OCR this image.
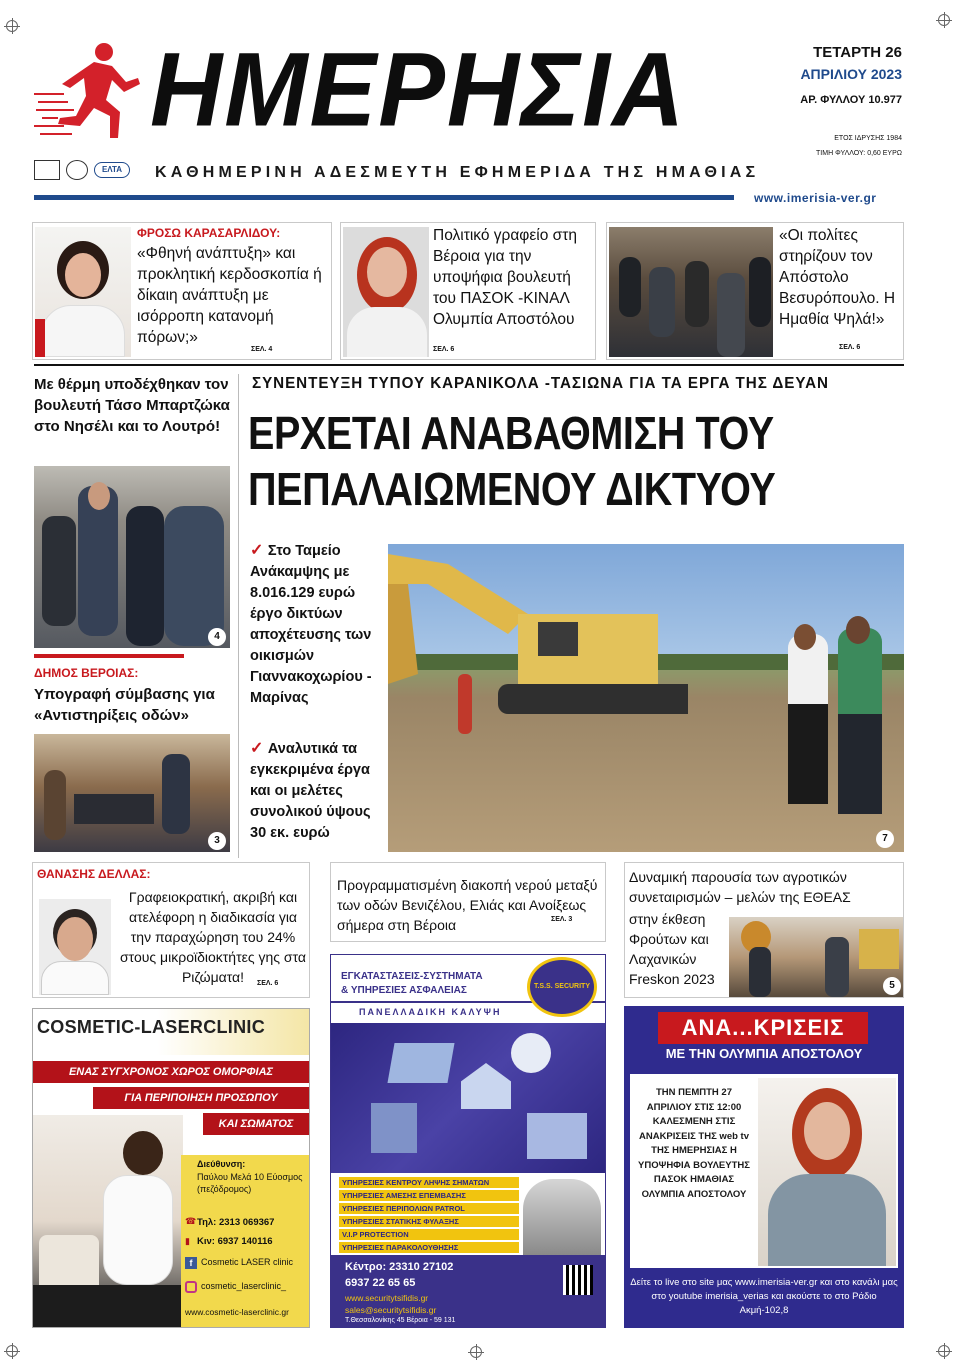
ΗΜΕΡΗΣΙΑ
ΕΛΤΑ	ΚΑΘΗΜΕΡΙΝΗ ΑΔΕΣΜΕΥΤΗ ΕΦΗΜΕΡΙΔΑ ΤΗΣ ΗΜΑΘΙΑΣ
ΤΕΤΑΡΤΗ 26
ΑΠΡΙΛΙΟΥ 2023
ΑΡ. ΦΥΛΛΟΥ 10.977
ΕΤΟΣ ΙΔΡΥΣΗΣ 1984
ΤΙΜΗ ΦΥΛΛΟΥ: 0,60 ΕΥΡΩ
www.imerisia-ver.gr
ΦΡΟΣΩ ΚΑΡΑΣΑΡΛΙΔΟΥ:
«Φθηνή ανάπτυξη» και προκλητική κερδοσκοπία ή δίκαιη ανάπτυξη με ισόρροπη κατανομή πόρων;»
ΣΕΛ. 4
Πολιτικό γραφείο στη Βέροια για την υποψήφια βουλευτή του ΠΑΣΟΚ -ΚΙΝΑΛ Ολυμπία Αποστόλου
ΣΕΛ. 6
«Οι πολίτες στηρίζουν τον Απόστολο Βεσυρόπουλο. Η Ημαθία Ψηλά!»
ΣΕΛ. 6
Με θέρμη υποδέχθηκαν τον βουλευτή Τάσο Μπαρτζώκα στο Νησέλι και το Λουτρό!
4
ΔΗΜΟΣ ΒΕΡΟΙΑΣ:
Υπογραφή σύμβασης για «Αντιστηρίξεις οδών»
3
ΣΥΝΕΝΤΕΥΞΗ ΤΥΠΟΥ ΚΑΡΑΝΙΚΟΛΑ -ΤΑΣΙΩΝΑ ΓΙΑ ΤΑ ΕΡΓΑ ΤΗΣ ΔΕΥΑΝ
ΕΡΧΕΤΑΙ ΑΝΑΒΑΘΜΙΣΗ ΤΟΥ
ΠΕΠΑΛΑΙΩΜΕΝΟΥ ΔΙΚΤΥΟΥ
✓ Στο Ταμείο Ανάκαμψης με 8.016.129 ευρώ έργο δικτύων αποχέτευσης των οικισμών Γιαννακοχωρίου - Μαρίνας
✓ Αναλυτικά τα εγκεκριμένα έργα και οι μελέτες συνολικού ύψους 30 εκ. ευρώ	7
ΘΑΝΑΣΗΣ ΔΕΛΛΑΣ:
Γραφειοκρατική, ακριβή και ατελέφορη η διαδικασία για την παραχώρηση του 24% στους μικροϊδιοκτήτες γης στα Ριζώματα!	ΣΕΛ. 6
Προγραμματισμένη διακοπή νερού μεταξύ των οδών Βενιζέλου, Ελιάς και Ανοίξεως σήμερα στη Βέροια	ΣΕΛ. 3
Δυναμική παρουσία των αγροτικών συνεταιρισμών – μελών της ΕΘΕΑΣ
στην έκθεση Φρούτων και Λαχανικών Freskon 2023	5
COSMETIC-LASERCLINIC
ΕΝΑΣ ΣΥΓΧΡΟΝΟΣ ΧΩΡΟΣ ΟΜΟΡΦΙΑΣ
ΓΙΑ ΠΕΡΙΠΟΙΗΣΗ ΠΡΟΣΩΠΟΥ
ΚΑΙ ΣΩΜΑΤΟΣ
Διεύθυνση:
Παύλου Μελά 10 Εύοσμος (πεζόδρομος)
☎ Τηλ: 2313 069367
▮ Κιν: 6937 140116
f Cosmetic LASER clinic
cosmetic_laserclinic_
www.cosmetic-laserclinic.gr
ΕΓΚΑΤΑΣΤΑΣΕΙΣ-ΣΥΣΤΗΜΑΤΑ
& ΥΠΗΡΕΣΙΕΣ ΑΣΦΑΛΕΙΑΣ	T.S.S. SECURITY
ΠΑΝΕΛΛΑΔΙΚΗ ΚΑΛΥΨΗ
ΥΠΗΡΕΣΙΕΣ ΚΕΝΤΡΟΥ ΛΗΨΗΣ ΣΗΜΑΤΩΝ
ΥΠΗΡΕΣΙΕΣ ΑΜΕΣΗΣ ΕΠΕΜΒΑΣΗΣ
ΥΠΗΡΕΣΙΕΣ ΠΕΡΙΠΟΛΙΩΝ PATROL
ΥΠΗΡΕΣΙΕΣ ΣΤΑΤΙΚΗΣ ΦΥΛΑΞΗΣ
V.I.P PROTECTION
ΥΠΗΡΕΣΙΕΣ ΠΑΡΑΚΟΛΟΥΘΗΣΗΣ
Κέντρο: 23310 27102
6937 22 65 65
www.securitytsifidis.gr
sales@securitytsifidis.gr
Τ.Θεσσαλονίκης 45 Βέροια - 59 131
ΑΝΑ...ΚΡΙΣΕΙΣ
ΜΕ ΤΗΝ ΟΛΥΜΠΙΑ ΑΠΟΣΤΟΛΟΥ
ΤΗΝ ΠΕΜΠΤΗ 27 ΑΠΡΙΛΙΟΥ ΣΤΙΣ 12:00 ΚΑΛΕΣΜΕΝΗ ΣΤΙΣ ΑΝΑΚΡΙΣΕΙΣ ΤΗΣ web tv ΤΗΣ ΗΜΕΡΗΣΙΑΣ Η ΥΠΟΨΗΦΙΑ ΒΟΥΛΕΥΤΗΣ ΠΑΣΟΚ ΗΜΑΘΙΑΣ ΟΛΥΜΠΙΑ ΑΠΟΣΤΟΛΟΥ
Δείτε το live στο site μας www.imerisia-ver.gr και στο κανάλι μας στο youtube imerisia_verias και ακούστε το στο Ράδιο Ακμή-102,8
